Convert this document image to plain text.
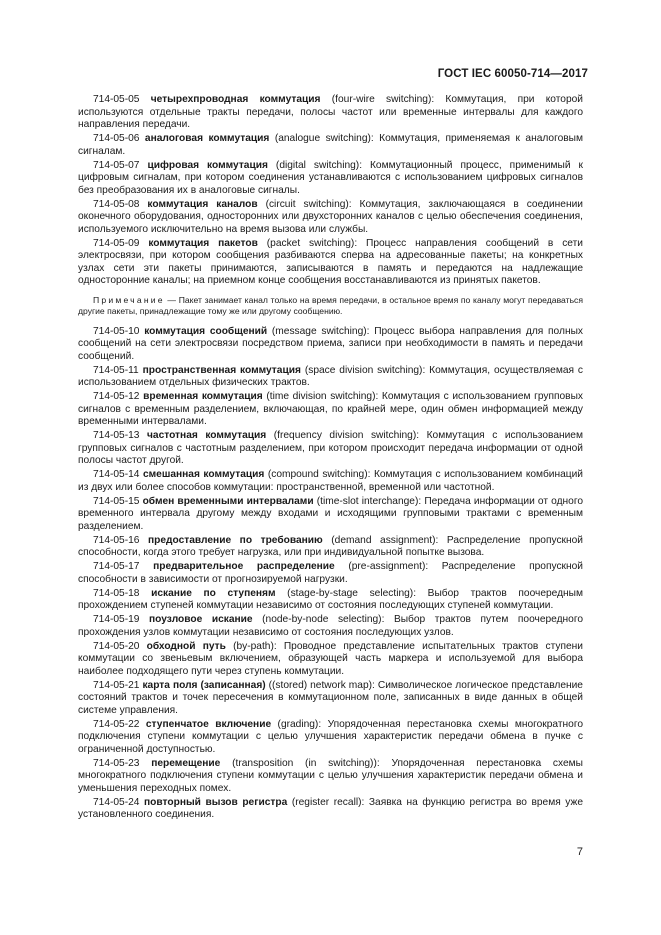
ГОСТ IEC 60050-714—2017

714-05-05 четырехпроводная коммутация (four-wire switching): Коммутация, при которой используются отдельные тракты передачи, полосы частот или временные интервалы для каждого направления передачи.

714-05-06 аналоговая коммутация (analogue switching): Коммутация, применяемая к аналоговым сигналам.

714-05-07 цифровая коммутация (digital switching): Коммутационный процесс, применимый к цифровым сигналам, при котором соединения устанавливаются с использованием цифровых сигналов без преобразования их в аналоговые сигналы.

714-05-08 коммутация каналов (circuit switching): Коммутация, заключающаяся в соединении оконечного оборудования, односторонних или двухсторонних каналов с целью обеспечения соединения, используемого исключительно на время вызова или службы.

714-05-09 коммутация пакетов (packet switching): Процесс направления сообщений в сети электросвязи, при котором сообщения разбиваются сперва на адресованные пакеты; на конкретных узлах сети эти пакеты принимаются, записываются в память и передаются на надлежащие односторонние каналы; на приемном конце сообщения восстанавливаются из принятых пакетов.

Примечание — Пакет занимает канал только на время передачи, в остальное время по каналу могут передаваться другие пакеты, принадлежащие тому же или другому сообщению.

714-05-10 коммутация сообщений (message switching): Процесс выбора направления для полных сообщений на сети электросвязи посредством приема, записи при необходимости в память и передачи сообщений.

714-05-11 пространственная коммутация (space division switching): Коммутация, осуществляемая с использованием отдельных физических трактов.

714-05-12 временная коммутация (time division switching): Коммутация с использованием групповых сигналов с временным разделением, включающая, по крайней мере, один обмен информацией между временными интервалами.

714-05-13 частотная коммутация (frequency division switching): Коммутация с использованием групповых сигналов с частотным разделением, при котором происходит передача информации от одной полосы частот другой.

714-05-14 смешанная коммутация (compound switching): Коммутация с использованием комбинаций из двух или более способов коммутации: пространственной, временной или частотной.

714-05-15 обмен временными интервалами (time-slot interchange): Передача информации от одного временного интервала другому между входами и исходящими групповыми трактами с временным разделением.

714-05-16 предоставление по требованию (demand assignment): Распределение пропускной способности, когда этого требует нагрузка, или при индивидуальной попытке вызова.

714-05-17 предварительное распределение (pre-assignment): Распределение пропускной способности в зависимости от прогнозируемой нагрузки.

714-05-18 искание по ступеням (stage-by-stage selecting): Выбор трактов поочередным прохождением ступеней коммутации независимо от состояния последующих ступеней коммутации.

714-05-19 поузловое искание (node-by-node selecting): Выбор трактов путем поочередного прохождения узлов коммутации независимо от состояния последующих узлов.

714-05-20 обходной путь (by-path): Проводное представление испытательных трактов ступени коммутации со звеньевым включением, образующей часть маркера и используемой для выбора наиболее подходящего пути через ступень коммутации.

714-05-21 карта поля (записанная) ((stored) network map): Символическое логическое представление состояний трактов и точек пересечения в коммутационном поле, записанных в виде данных в общей системе управления.

714-05-22 ступенчатое включение (grading): Упорядоченная перестановка схемы многократного подключения ступени коммутации с целью улучшения характеристик передачи обмена в пучке с ограниченной доступностью.

714-05-23 перемещение (transposition (in switching)): Упорядоченная перестановка схемы многократного подключения ступени коммутации с целью улучшения характеристик передачи обмена и уменьшения переходных помех.

714-05-24 повторный вызов регистра (register recall): Заявка на функцию регистра во время уже установленного соединения.

7
